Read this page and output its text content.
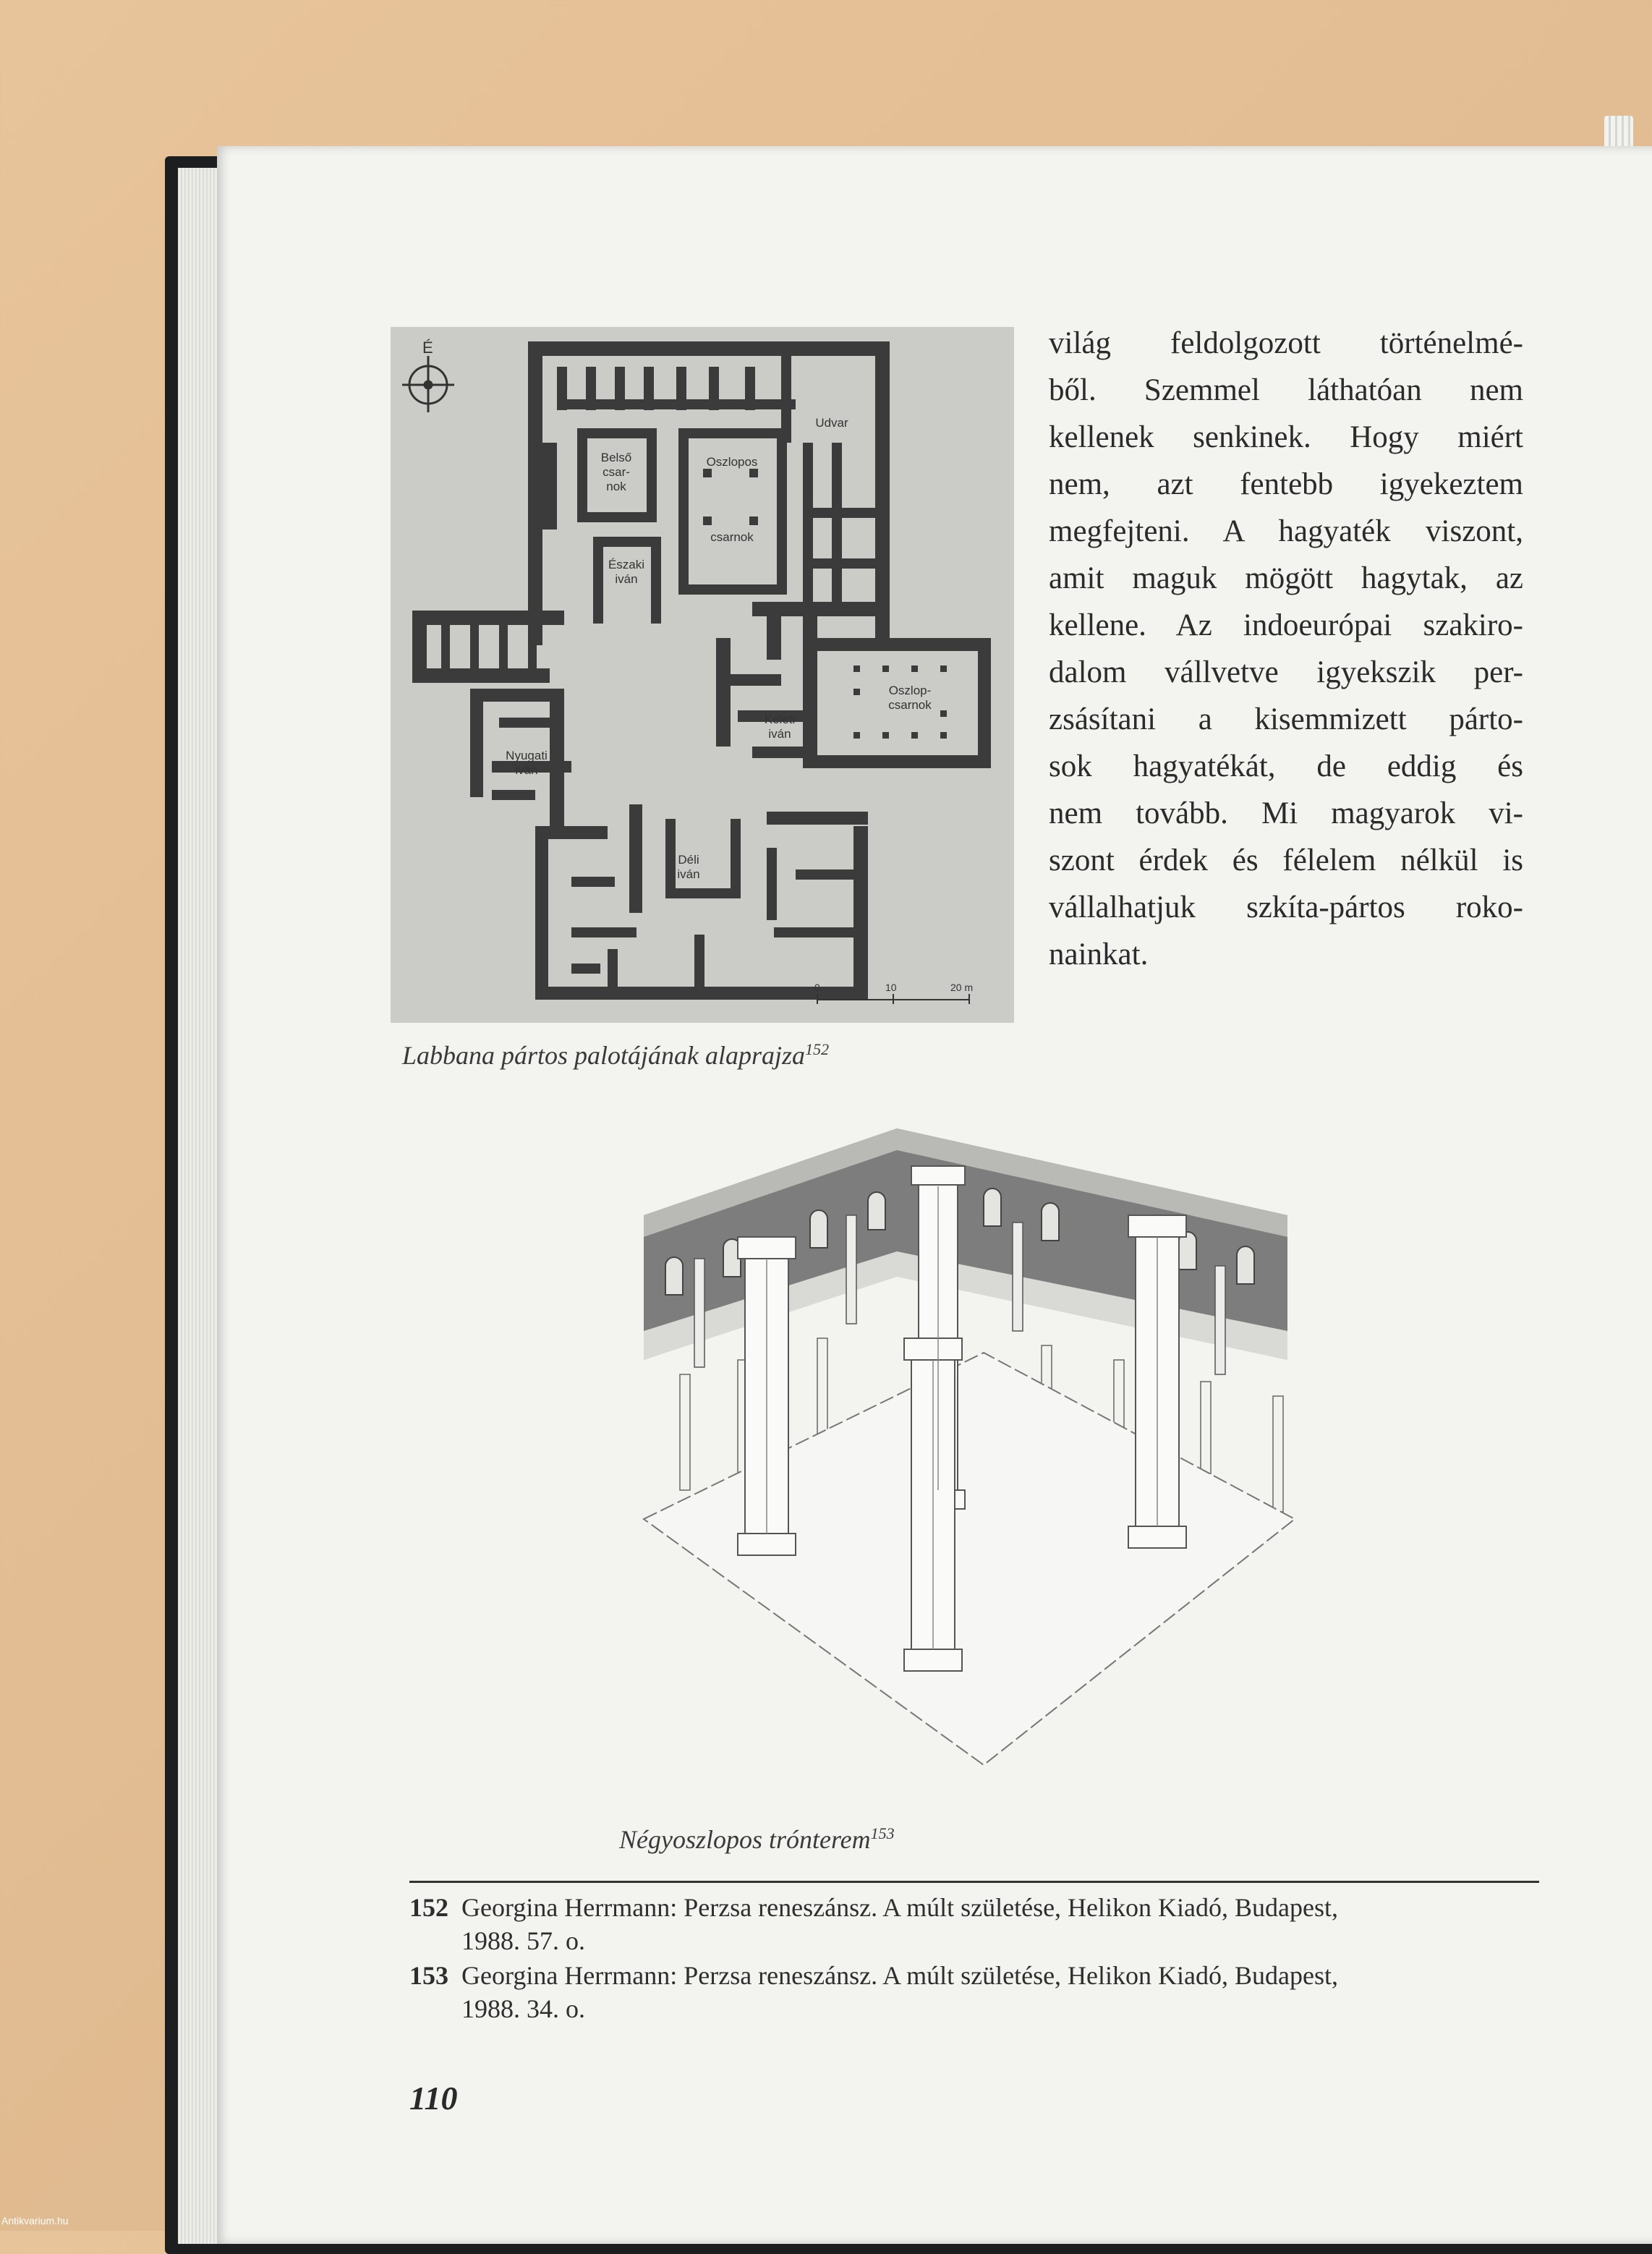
É
Udvar
Belső
csar-
nok
Oszlopos
csarnok
Északi
iván
Oszlop-
csarnok
Keleti
iván
Nyugati
iván
Déli
iván
0	10	20 m
világ feldolgozott történelmé-
ből. Szemmel láthatóan nem
kellenek senkinek. Hogy miért
nem, azt fentebb igyekeztem
megfejteni. A hagyaték viszont,
amit maguk mögött hagytak, az
kellene. Az indoeurópai szakiro-
dalom vállvetve igyekszik per-
zsásítani a kisemmizett párto-
sok hagyatékát, de eddig és
nem tovább. Mi magyarok vi-
szont érdek és félelem nélkül is
vállalhatjuk szkíta-pártos roko-
nainkat.
Labbana pártos palotájának alaprajza$^{152}$
Négyoszlopos trónterem$^{153}$
152 Georgina Herrmann: Perzsa reneszánsz. A múlt születése, Helikon Kiadó, Budapest,
1988. 57. o.
153 Georgina Herrmann: Perzsa reneszánsz. A múlt születése, Helikon Kiadó, Budapest,
1988. 34. o.
110
Antikvarium.hu
